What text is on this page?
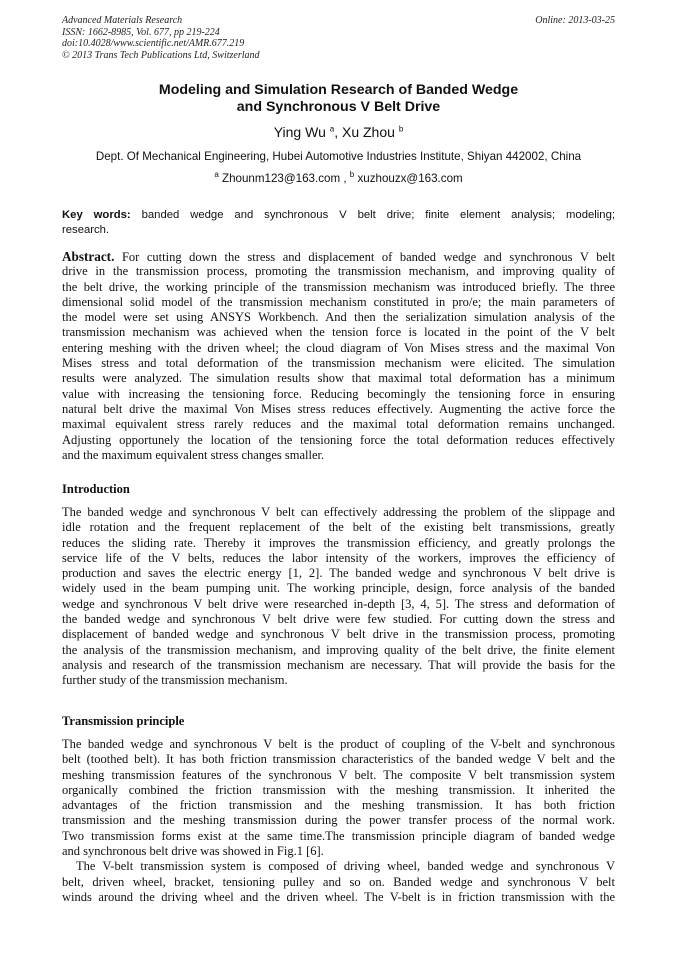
Advanced Materials Research
ISSN: 1662-8985, Vol. 677, pp 219-224
doi:10.4028/www.scientific.net/AMR.677.219
© 2013 Trans Tech Publications Ltd, Switzerland
Online: 2013-03-25
Modeling and Simulation Research of Banded Wedge
and Synchronous V Belt Drive
Ying Wu $^a$, Xu Zhou $^b$
Dept. Of Mechanical Engineering, Hubei Automotive Industries Institute, Shiyan 442002, China
$^a$ Zhounm123@163.com , $^b$ xuzhouzx@163.com
Key words: banded wedge and synchronous V belt drive; finite element analysis; modeling;
research.
Abstract. For cutting down the stress and displacement of banded wedge and synchronous V belt
drive in the transmission process, promoting the transmission mechanism, and improving quality of
the belt drive, the working principle of the transmission mechanism was introduced briefly. The three
dimensional solid model of the transmission mechanism constituted in pro/e; the main parameters of
the model were set using ANSYS Workbench. And then the serialization simulation analysis of the
transmission mechanism was achieved when the tension force is located in the point of the V belt
entering meshing with the driven wheel; the cloud diagram of Von Mises stress and the maximal Von
Mises stress and total deformation of the transmission mechanism were elicited. The simulation
results were analyzed. The simulation results show that maximal total deformation has a minimum
value with increasing the tensioning force. Reducing becomingly the tensioning force in ensuring
natural belt drive the maximal Von Mises stress reduces effectively. Augmenting the active force the
maximal equivalent stress rarely reduces and the maximal total deformation remains unchanged.
Adjusting opportunely the location of the tensioning force the total deformation reduces effectively
and the maximum equivalent stress changes smaller.
Introduction
The banded wedge and synchronous V belt can effectively addressing the problem of the slippage and
idle rotation and the frequent replacement of the belt of the existing belt transmissions, greatly
reduces the sliding rate. Thereby it improves the transmission efficiency, and greatly prolongs the
service life of the V belts, reduces the labor intensity of the workers, improves the efficiency of
production and saves the electric energy [1, 2]. The banded wedge and synchronous V belt drive is
widely used in the beam pumping unit. The working principle, design, force analysis of the banded
wedge and synchronous V belt drive were researched in-depth [3, 4, 5]. The stress and deformation of
the banded wedge and synchronous V belt drive were few studied. For cutting down the stress and
displacement of banded wedge and synchronous V belt drive in the transmission process, promoting
the analysis of the transmission mechanism, and improving quality of the belt drive, the finite element
analysis and research of the transmission mechanism are necessary. That will provide the basis for the
further study of the transmission mechanism.
Transmission principle
The banded wedge and synchronous V belt is the product of coupling of the V-belt and synchronous
belt (toothed belt). It has both friction transmission characteristics of the banded wedge V belt and the
meshing transmission features of the synchronous V belt. The composite V belt transmission system
organically combined the friction transmission with the meshing transmission. It inherited the
advantages of the friction transmission and the meshing transmission. It has both friction
transmission and the meshing transmission during the power transfer process of the normal work.
Two transmission forms exist at the same time.The transmission principle diagram of banded wedge
and synchronous belt drive was showed in Fig.1 [6].
The V-belt transmission system is composed of driving wheel, banded wedge and synchronous V
belt, driven wheel, bracket, tensioning pulley and so on. Banded wedge and synchronous V belt
winds around the driving wheel and the driven wheel. The V-belt is in friction transmission with the
